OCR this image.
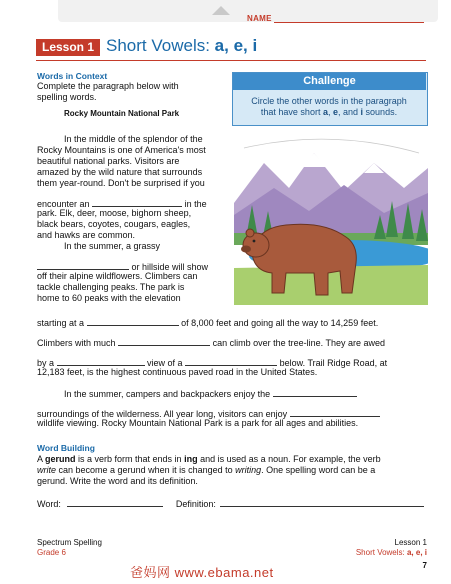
NAME
Lesson 1 Short Vowels: a, e, i
Words in Context
Complete the paragraph below with
spelling words.
Rocky Mountain National Park
Challenge
Circle the other words in the paragraph
that have short a, e, and i sounds.
In the middle of the splendor of the
Rocky Mountains is one of America's most
beautiful national parks. Visitors are
amazed by the wild nature that surrounds
them year-round. Don't be surprised if you
encounter an	in the
park. Elk, deer, moose, bighorn sheep,
black bears, coyotes, cougars, eagles,
and hawks are common.
In the summer, a grassy
or hillside will show
off their alpine wildflowers. Climbers can
tackle challenging peaks. The park is
home to 60 peaks with the elevation
starting at a	of 8,000 feet and going all the way to 14,259 feet.
Climbers with much	can climb over the tree-line. They are awed
by a	view of a	below. Trail Ridge Road, at
12,183 feet, is the highest continuous paved road in the United States.
In the summer, campers and backpackers enjoy the
surroundings of the wilderness. All year long, visitors can enjoy
wildlife viewing. Rocky Mountain National Park is a park for all ages and abilities.
Word Building
A gerund is a verb form that ends in ing and is used as a noun. For example, the verb
write can become a gerund when it is changed to writing. One spelling word can be a
gerund. Write the word and its definition.
Word:	Definition:
Spectrum Spelling
Grade 6
Lesson 1
Short Vowels: a, e, i
7
爸妈网 www.ebama.net
